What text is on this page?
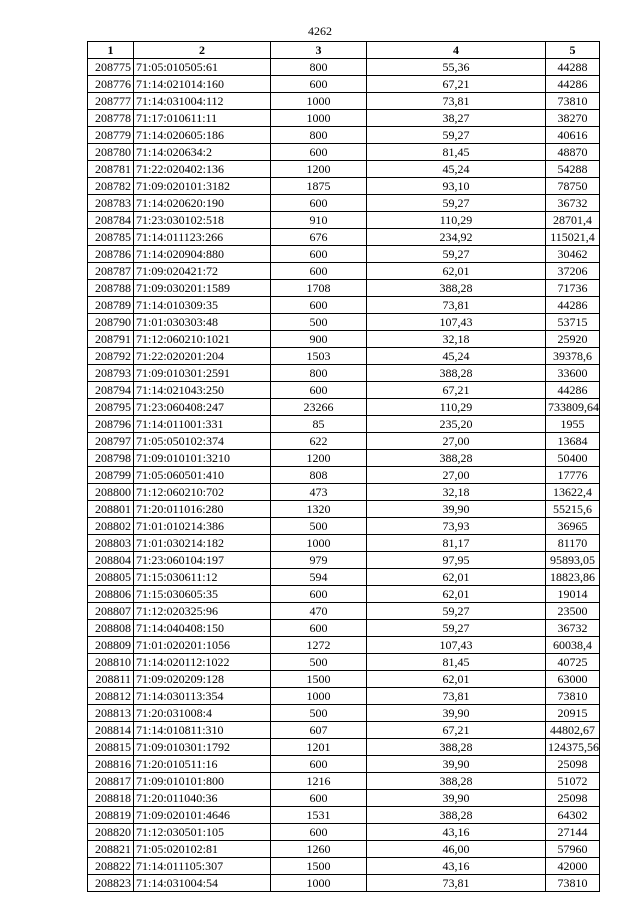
4262
1	2	3	4	5
208775	71:05:010505:61	800	55,36	44288
208776	71:14:021014:160	600	67,21	44286
208777	71:14:031004:112	1000	73,81	73810
208778	71:17:010611:11	1000	38,27	38270
208779	71:14:020605:186	800	59,27	40616
208780	71:14:020634:2	600	81,45	48870
208781	71:22:020402:136	1200	45,24	54288
208782	71:09:020101:3182	1875	93,10	78750
208783	71:14:020620:190	600	59,27	36732
208784	71:23:030102:518	910	110,29	28701,4
208785	71:14:011123:266	676	234,92	115021,4
208786	71:14:020904:880	600	59,27	30462
208787	71:09:020421:72	600	62,01	37206
208788	71:09:030201:1589	1708	388,28	71736
208789	71:14:010309:35	600	73,81	44286
208790	71:01:030303:48	500	107,43	53715
208791	71:12:060210:1021	900	32,18	25920
208792	71:22:020201:204	1503	45,24	39378,6
208793	71:09:010301:2591	800	388,28	33600
208794	71:14:021043:250	600	67,21	44286
208795	71:23:060408:247	23266	110,29	733809,64
208796	71:14:011001:331	85	235,20	1955
208797	71:05:050102:374	622	27,00	13684
208798	71:09:010101:3210	1200	388,28	50400
208799	71:05:060501:410	808	27,00	17776
208800	71:12:060210:702	473	32,18	13622,4
208801	71:20:011016:280	1320	39,90	55215,6
208802	71:01:010214:386	500	73,93	36965
208803	71:01:030214:182	1000	81,17	81170
208804	71:23:060104:197	979	97,95	95893,05
208805	71:15:030611:12	594	62,01	18823,86
208806	71:15:030605:35	600	62,01	19014
208807	71:12:020325:96	470	59,27	23500
208808	71:14:040408:150	600	59,27	36732
208809	71:01:020201:1056	1272	107,43	60038,4
208810	71:14:020112:1022	500	81,45	40725
208811	71:09:020209:128	1500	62,01	63000
208812	71:14:030113:354	1000	73,81	73810
208813	71:20:031008:4	500	39,90	20915
208814	71:14:010811:310	607	67,21	44802,67
208815	71:09:010301:1792	1201	388,28	124375,56
208816	71:20:010511:16	600	39,90	25098
208817	71:09:010101:800	1216	388,28	51072
208818	71:20:011040:36	600	39,90	25098
208819	71:09:020101:4646	1531	388,28	64302
208820	71:12:030501:105	600	43,16	27144
208821	71:05:020102:81	1260	46,00	57960
208822	71:14:011105:307	1500	43,16	42000
208823	71:14:031004:54	1000	73,81	73810
